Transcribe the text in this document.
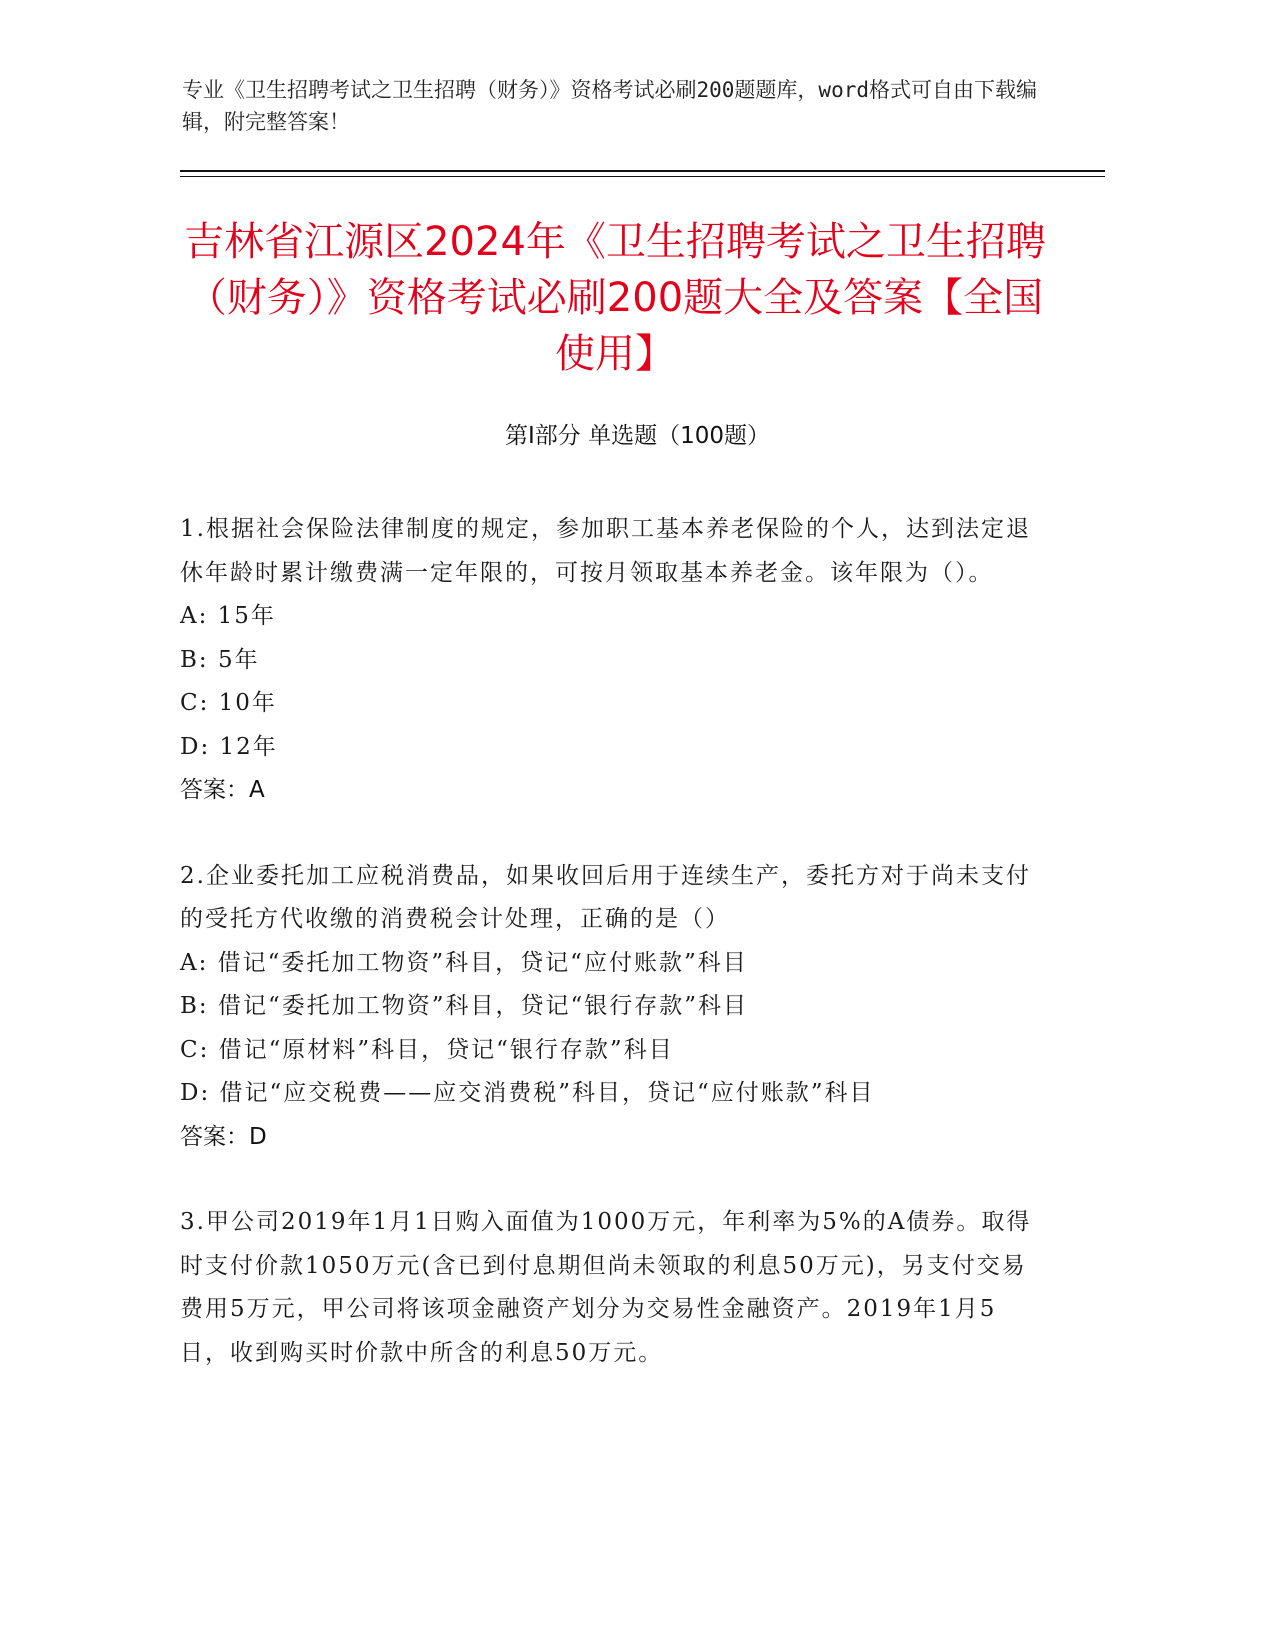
专业《卫生招聘考试之卫生招聘（财务）》资格考试必刷200题题库，word格式可自由下载编辑，附完整答案！
吉林省江源区2024年《卫生招聘考试之卫生招聘（财务）》资格考试必刷200题大全及答案【全国使用】
第I部分 单选题（100题）
1.根据社会保险法律制度的规定，参加职工基本养老保险的个人，达到法定退休年龄时累计缴费满一定年限的，可按月领取基本养老金。该年限为（）。
A: 15年
B: 5年
C: 10年
D: 12年
答案：A
2.企业委托加工应税消费品，如果收回后用于连续生产，委托方对于尚未支付的受托方代收缴的消费税会计处理，正确的是（）
A: 借记“委托加工物资”科目，贷记“应付账款”科目
B: 借记“委托加工物资”科目，贷记“银行存款”科目
C: 借记“原材料”科目，贷记“银行存款”科目
D: 借记“应交税费——应交消费税”科目，贷记“应付账款”科目
答案：D
3.甲公司2019年1月1日购入面值为1000万元，年利率为5%的A债券。取得时支付价款1050万元(含已到付息期但尚未领取的利息50万元)，另支付交易费用5万元，甲公司将该项金融资产划分为交易性金融资产。2019年1月5日，收到购买时价款中所含的利息50万元。
